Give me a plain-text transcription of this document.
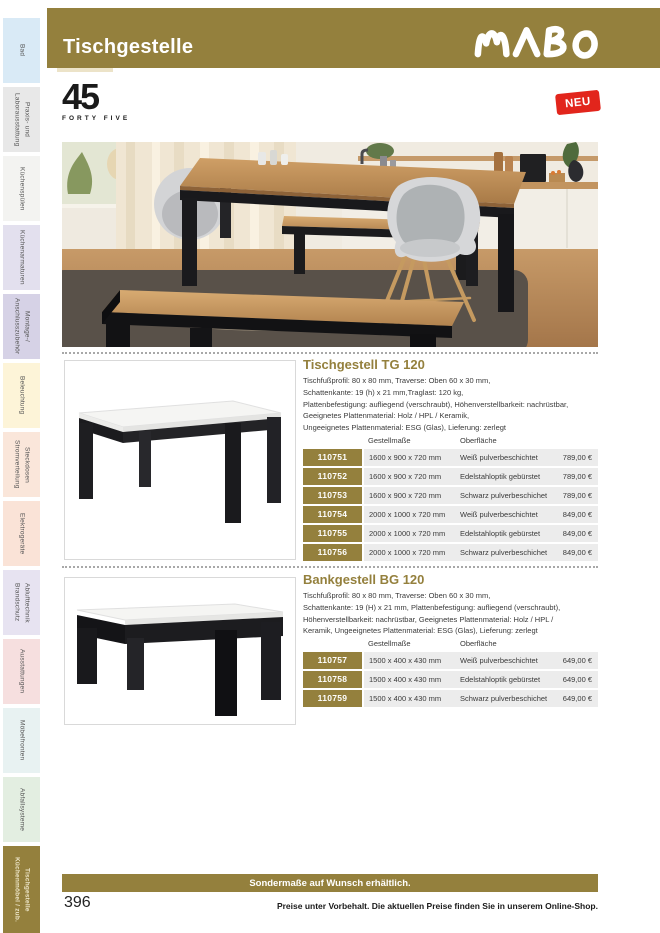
Bad
Praxis- und Laborausstattung
Küchenspülen
Küchenarmaturen
Montage-/ Anschlusszubehör
Beleuchtung
Steckdosen Stromverteilung
Elektrogeräte
Ablufttechnik Brandschutz
Ausstattungen
Möbelfronten
Abfallsysteme
Tischgestelle Küchenmöbel / zub.
Tischgestelle
45
FORTY FIVE
NEU
Tischgestell TG 120
Tischfußprofil: 80 x 80 mm, Traverse: Oben 60 x 30 mm,
Schattenkante: 19 (h) x 21 mm,Traglast: 120 kg,
Plattenbefestigung: aufliegend (verschraubt), Höhenverstellbarkeit: nachrüstbar,
Geeignetes Plattenmaterial: Holz / HPL / Keramik,
Ungeeignetes Plattenmaterial: ESG (Glas), Lieferung: zerlegt
Gestellmaße	Oberfläche
110751	1600 x 900 x 720 mm	Weiß pulverbeschichtet	789,00 €
110752	1600 x 900 x 720 mm	Edelstahloptik gebürstet	789,00 €
110753	1600 x 900 x 720 mm	Schwarz pulverbeschichet 789,00 €
110754	2000 x 1000 x 720 mm Weiß pulverbeschichtet	849,00 €
110755	2000 x 1000 x 720 mm Edelstahloptik gebürstet	849,00 €
110756	2000 x 1000 x 720 mm Schwarz pulverbeschichet 849,00 €
Bankgestell BG 120
Tischfußprofil: 80 x 80 mm, Traverse: Oben 60 x 30 mm,
Schattenkante: 19 (H) x 21 mm, Plattenbefestigung: aufliegend (verschraubt),
Höhenverstellbarkeit: nachrüstbar, Geeignetes Plattenmaterial: Holz / HPL /
Keramik, Ungeeignetes Plattenmaterial: ESG (Glas), Lieferung: zerlegt
Gestellmaße	Oberfläche
110757	1500 x 400 x 430 mm	Weiß pulverbeschichtet	649,00 €
110758	1500 x 400 x 430 mm	Edelstahloptik gebürstet	649,00 €
110759	1500 x 400 x 430 mm	Schwarz pulverbeschichet 649,00 €
Sondermaße auf Wunsch erhältlich.
396	Preise unter Vorbehalt. Die aktuellen Preise finden Sie in unserem Online-Shop.
